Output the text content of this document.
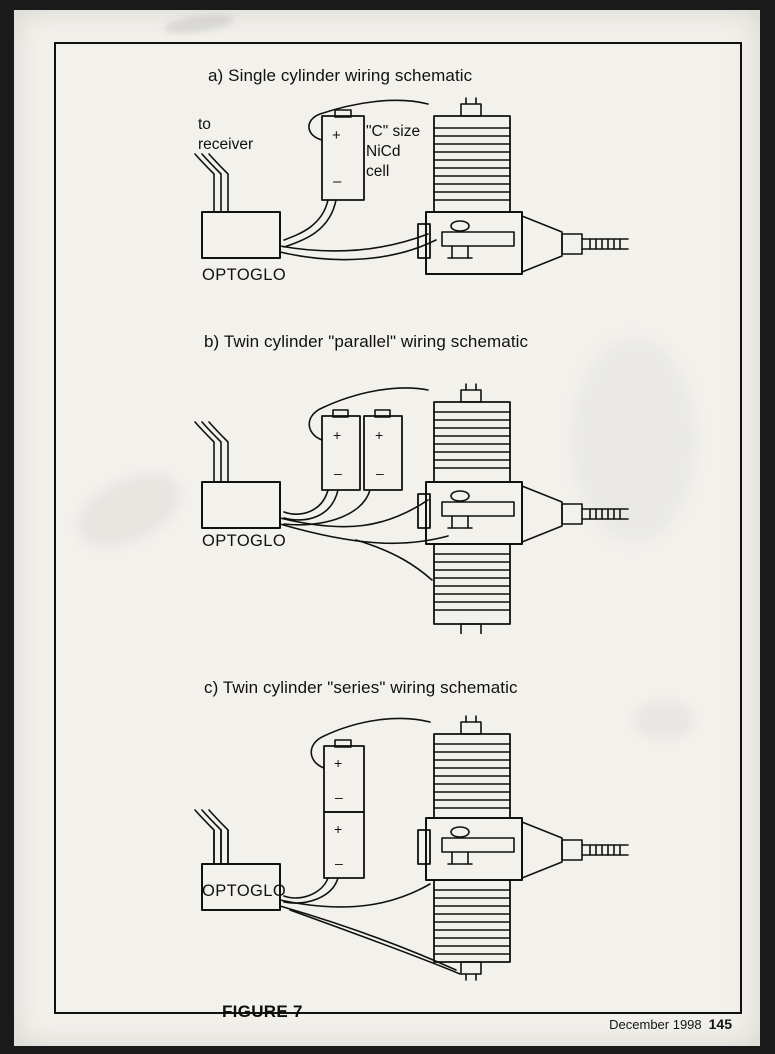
a) Single cylinder wiring schematic
to
receiver
"C" size
NiCd
cell
OPTOGLO
+
–
b) Twin cylinder "parallel" wiring schematic
OPTOGLO
+
–
+
–
c) Twin cylinder "series" wiring schematic
OPTOGLO
+
–
+
–
FIGURE 7
December 1998 145
